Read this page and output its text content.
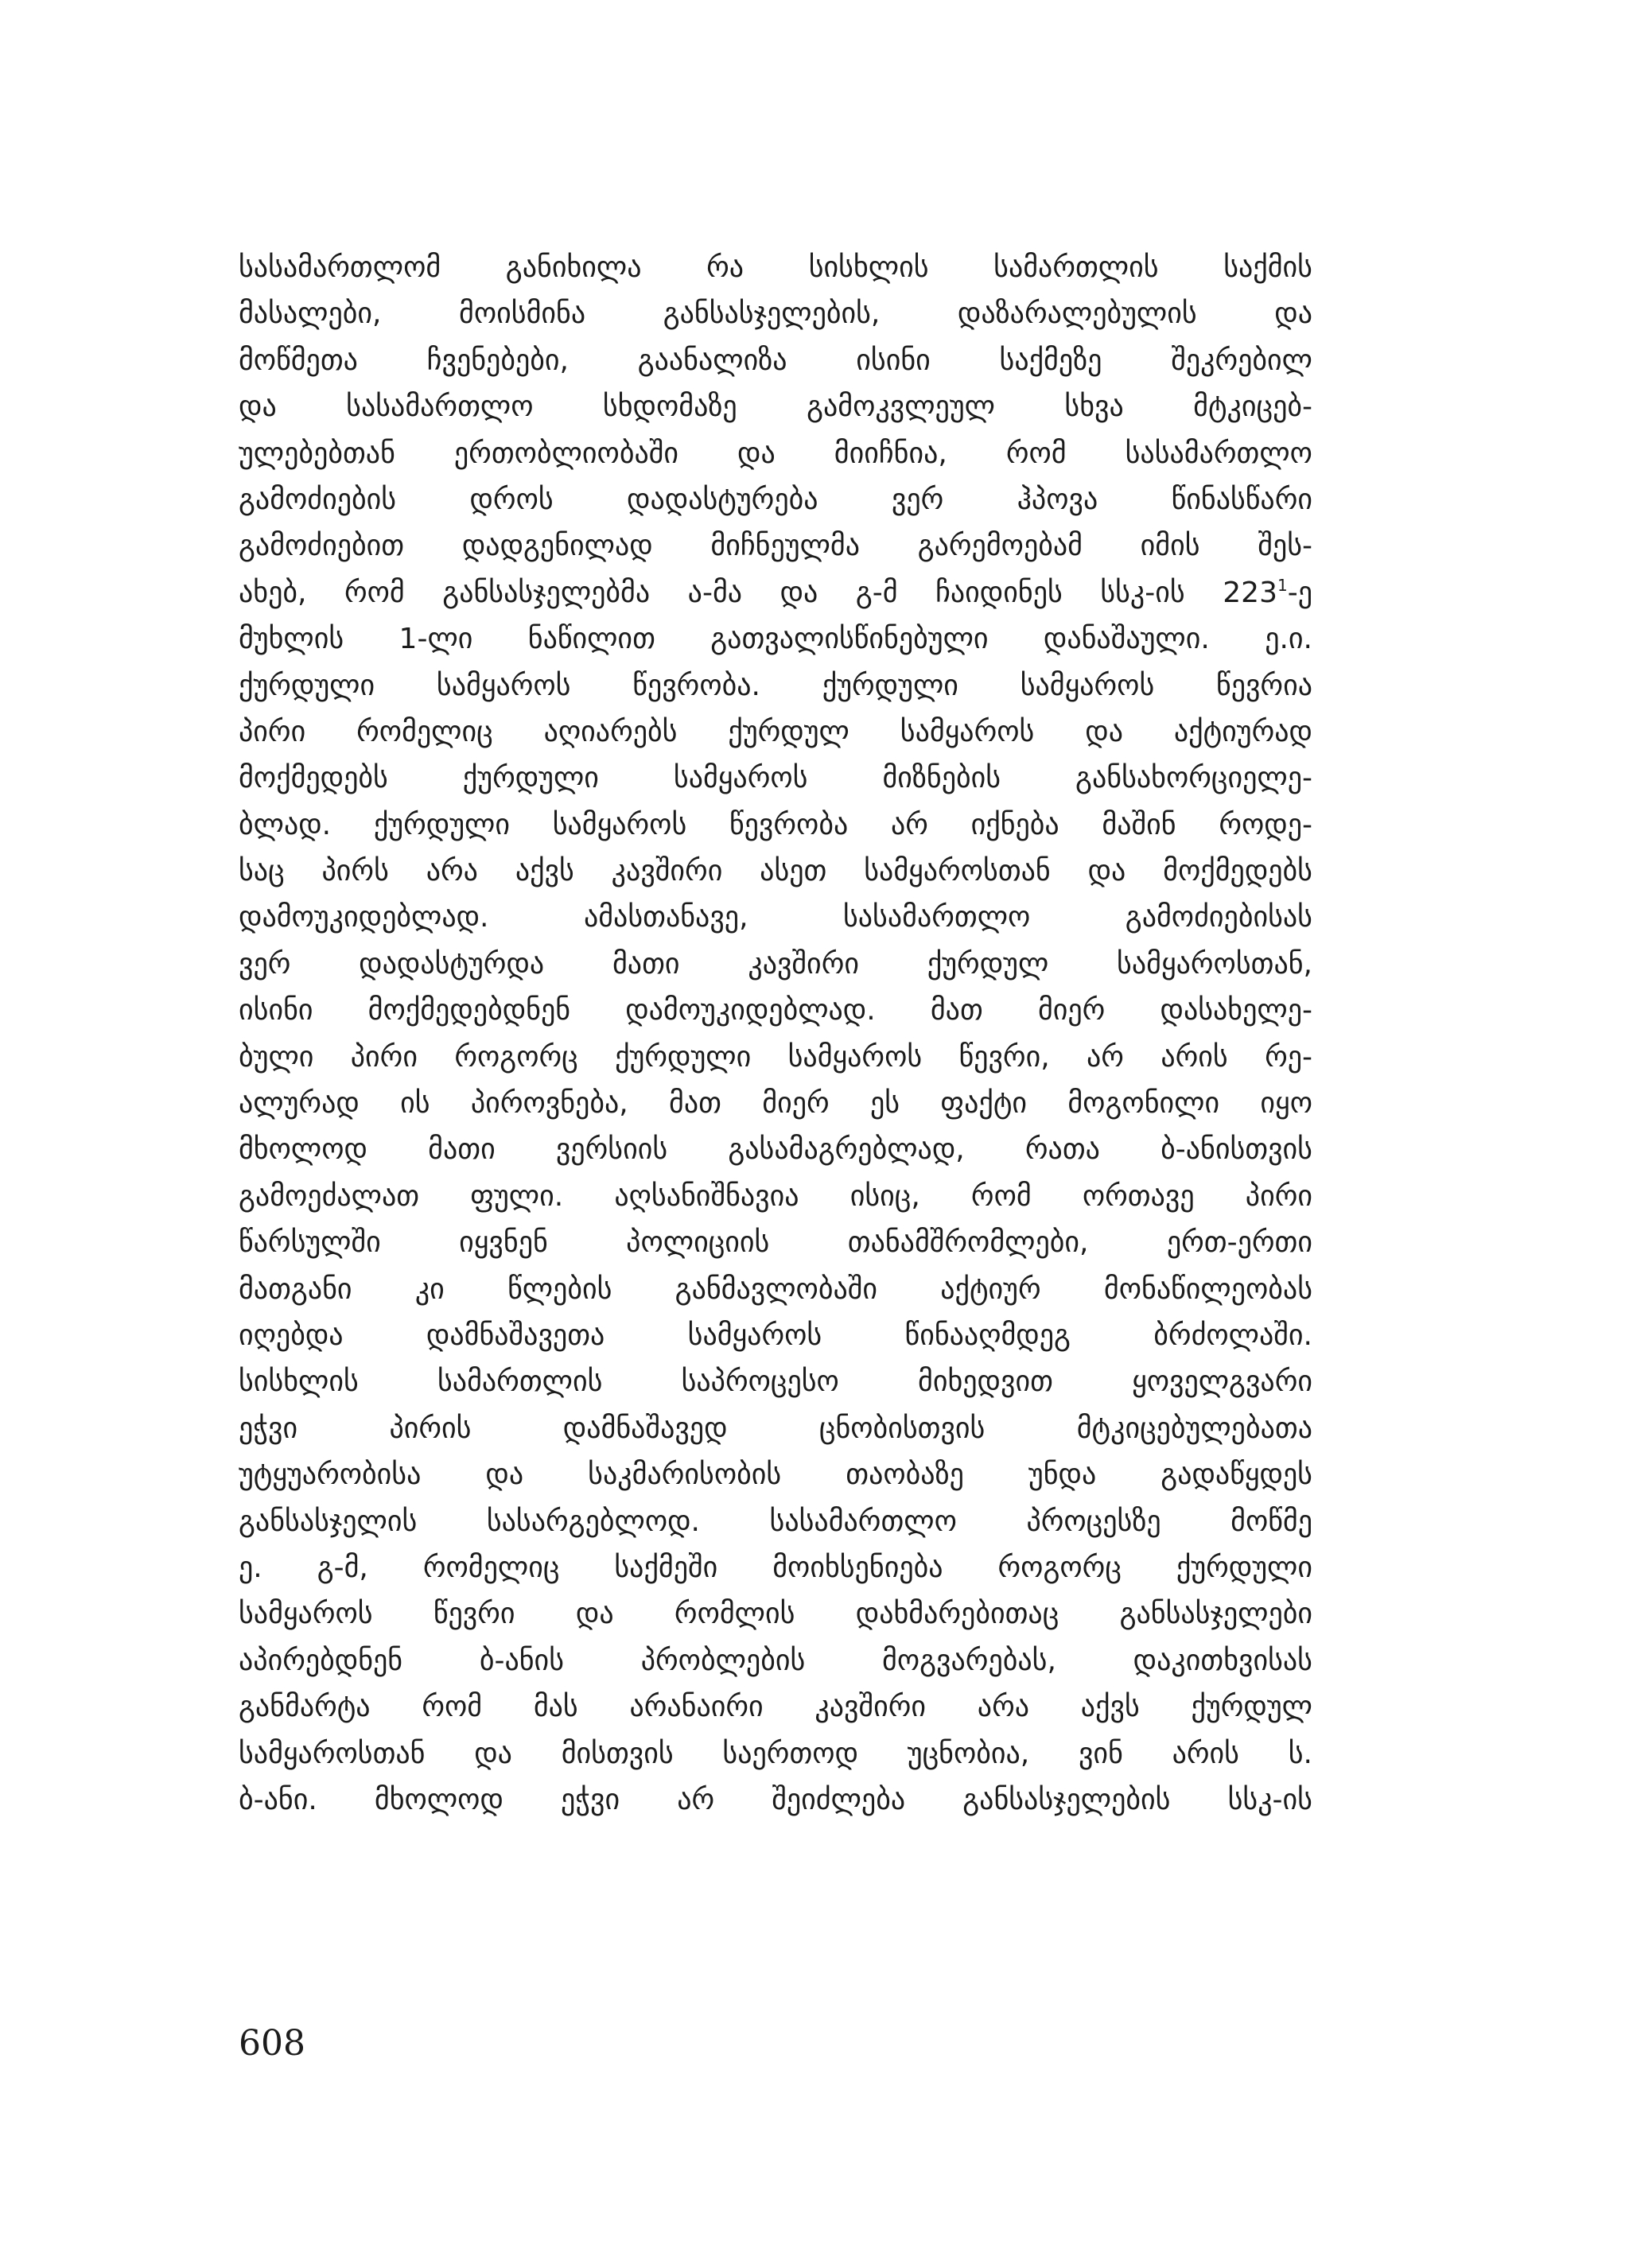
სასამართლომ განიხილა რა სისხლის სამართლის საქმის
მასალები, მოისმინა განსასჯელების, დაზარალებულის და
მოწმეთა ჩვენებები, გაანალიზა ისინი საქმეზე შეკრებილ
და სასამართლო სხდომაზე გამოკვლეულ სხვა მტკიცებ-
ულებებთან ერთობლიობაში და მიიჩნია, რომ სასამართლო
გამოძიების დროს დადასტურება ვერ ჰპოვა წინასწარი
გამოძიებით დადგენილად მიჩნეულმა გარემოებამ იმის შეს-
ახებ, რომ განსასჯელებმა ა-მა და გ-მ ჩაიდინეს სსკ-ის $223^1-ე$
მუხლის 1-ლი ნაწილით გათვალისწინებული დანაშაული. ე.ი.
ქურდული სამყაროს წევრობა. ქურდული სამყაროს წევრია
პირი რომელიც აღიარებს ქურდულ სამყაროს და აქტიურად
მოქმედებს ქურდული სამყაროს მიზნების განსახორციელე-
ბლად. ქურდული სამყაროს წევრობა არ იქნება მაშინ როდე-
საც პირს არა აქვს კავშირი ასეთ სამყაროსთან და მოქმედებს
დამოუკიდებლად. ამასთანავე, სასამართლო გამოძიებისას
ვერ დადასტურდა მათი კავშირი ქურდულ სამყაროსთან,
ისინი მოქმედებდნენ დამოუკიდებლად. მათ მიერ დასახელე-
ბული პირი როგორც ქურდული სამყაროს წევრი, არ არის რე-
ალურად ის პიროვნება, მათ მიერ ეს ფაქტი მოგონილი იყო
მხოლოდ მათი ვერსიის გასამაგრებლად, რათა ბ-ანისთვის
გამოეძალათ ფული. აღსანიშნავია ისიც, რომ ორთავე პირი
წარსულში იყვნენ პოლიციის თანამშრომლები, ერთ-ერთი
მათგანი კი წლების განმავლობაში აქტიურ მონაწილეობას
იღებდა დამნაშავეთა სამყაროს წინააღმდეგ ბრძოლაში.
სისხლის სამართლის საპროცესო მიხედვით ყოველგვარი
ეჭვი პირის დამნაშავედ ცნობისთვის მტკიცებულებათა
უტყუარობისა და საკმარისობის თაობაზე უნდა გადაწყდეს
განსასჯელის სასარგებლოდ. სასამართლო პროცესზე მოწმე
ე. გ-მ, რომელიც საქმეში მოიხსენიება როგორც ქურდული
სამყაროს წევრი და რომლის დახმარებითაც განსასჯელები
აპირებდნენ ბ-ანის პრობლების მოგვარებას, დაკითხვისას
განმარტა რომ მას არანაირი კავშირი არა აქვს ქურდულ
სამყაროსთან და მისთვის საერთოდ უცნობია, ვინ არის ს.
ბ-ანი. მხოლოდ ეჭვი არ შეიძლება განსასჯელების სსკ-ის
608
